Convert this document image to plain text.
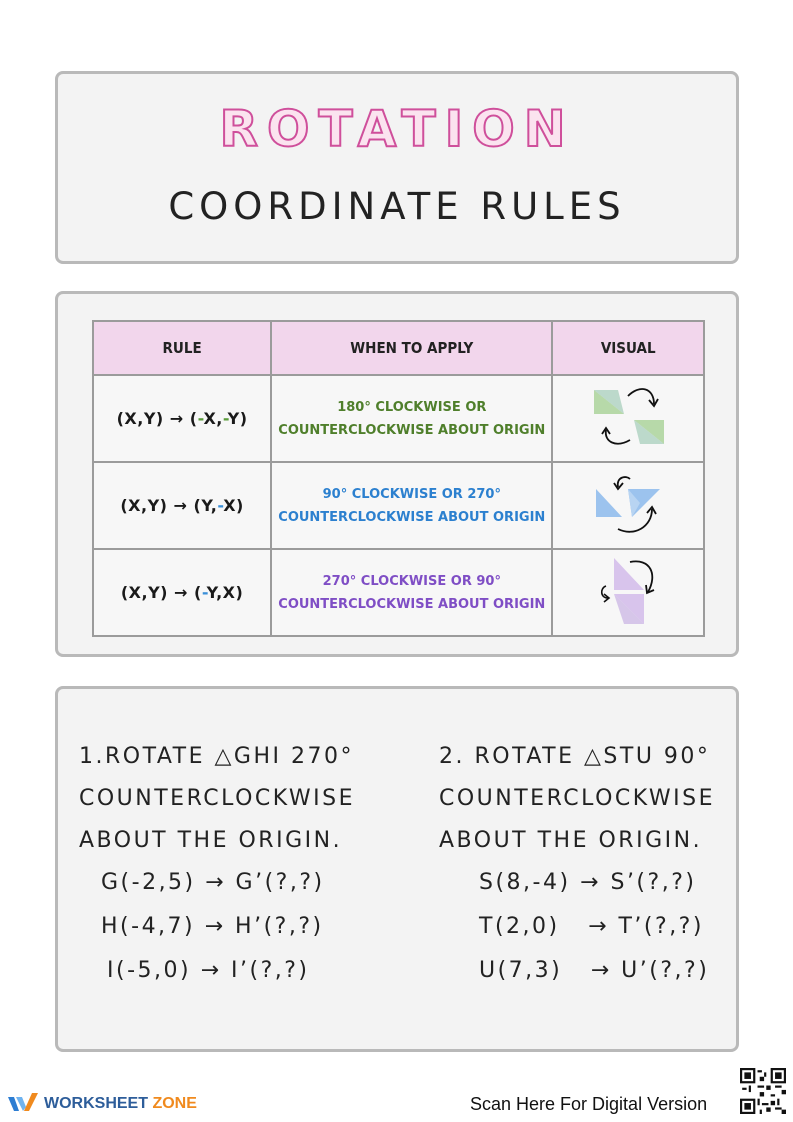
ROTATION
COORDINATE RULES
RULE	WHEN TO APPLY	VISUAL
(X,Y) → (-X,-Y)	180° CLOCKWISE OR
COUNTERCLOCKWISE ABOUT ORIGIN

(X,Y) → (Y,-X)	90° CLOCKWISE OR 270°
COUNTERCLOCKWISE ABOUT ORIGIN

(X,Y) → (-Y,X)	270° CLOCKWISE OR 90°
COUNTERCLOCKWISE ABOUT ORIGIN

1.ROTATE △GHI 270°
COUNTERCLOCKWISE
ABOUT THE ORIGIN.
G(-2,5) → G’(?,?)
H(-4,7) → H’(?,?)
I(-5,0) → I’(?,?)
2. ROTATE △STU 90°
COUNTERCLOCKWISE
ABOUT THE ORIGIN.
S(8,-4) → S’(?,?)
T(2,0)   → T’(?,?)
U(7,3)   → U’(?,?)
WORKSHEET ZONE	Scan Here For Digital Version
